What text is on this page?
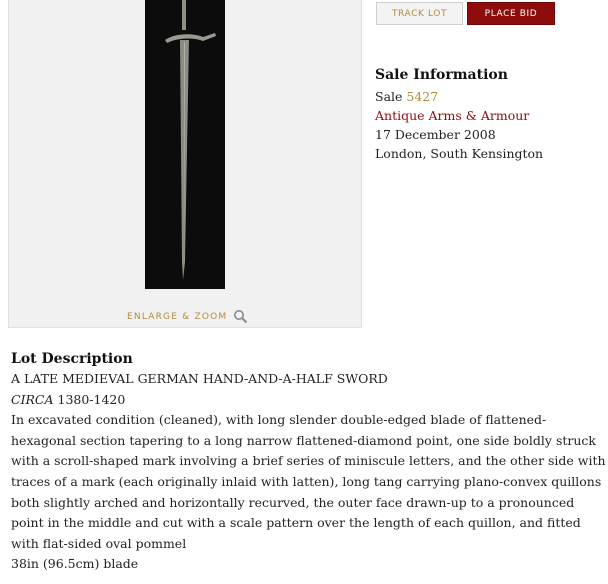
ENLARGE & ZOOM
TRACK LOT	PLACE BID
Sale Information
Sale 5427
Antique Arms & Armour
17 December 2008
London, South Kensington
Lot Description
A LATE MEDIEVAL GERMAN HAND-AND-A-HALF SWORD
CIRCA 1380-1420

In excavated condition (cleaned), with long slender double-edged blade of flattened-hexagonal section tapering to a long narrow flattened-diamond point, one side boldly struck with a scroll-shaped mark involving a brief series of miniscule letters, and the other side with traces of a mark (each originally inlaid with latten), long tang carrying plano-convex quillons both slightly arched and horizontally recurved, the outer face drawn-up to a pronounced point in the middle and cut with a scale pattern over the length of each quillon, and fitted with flat-sided oval pommel

38in (96.5cm) blade
